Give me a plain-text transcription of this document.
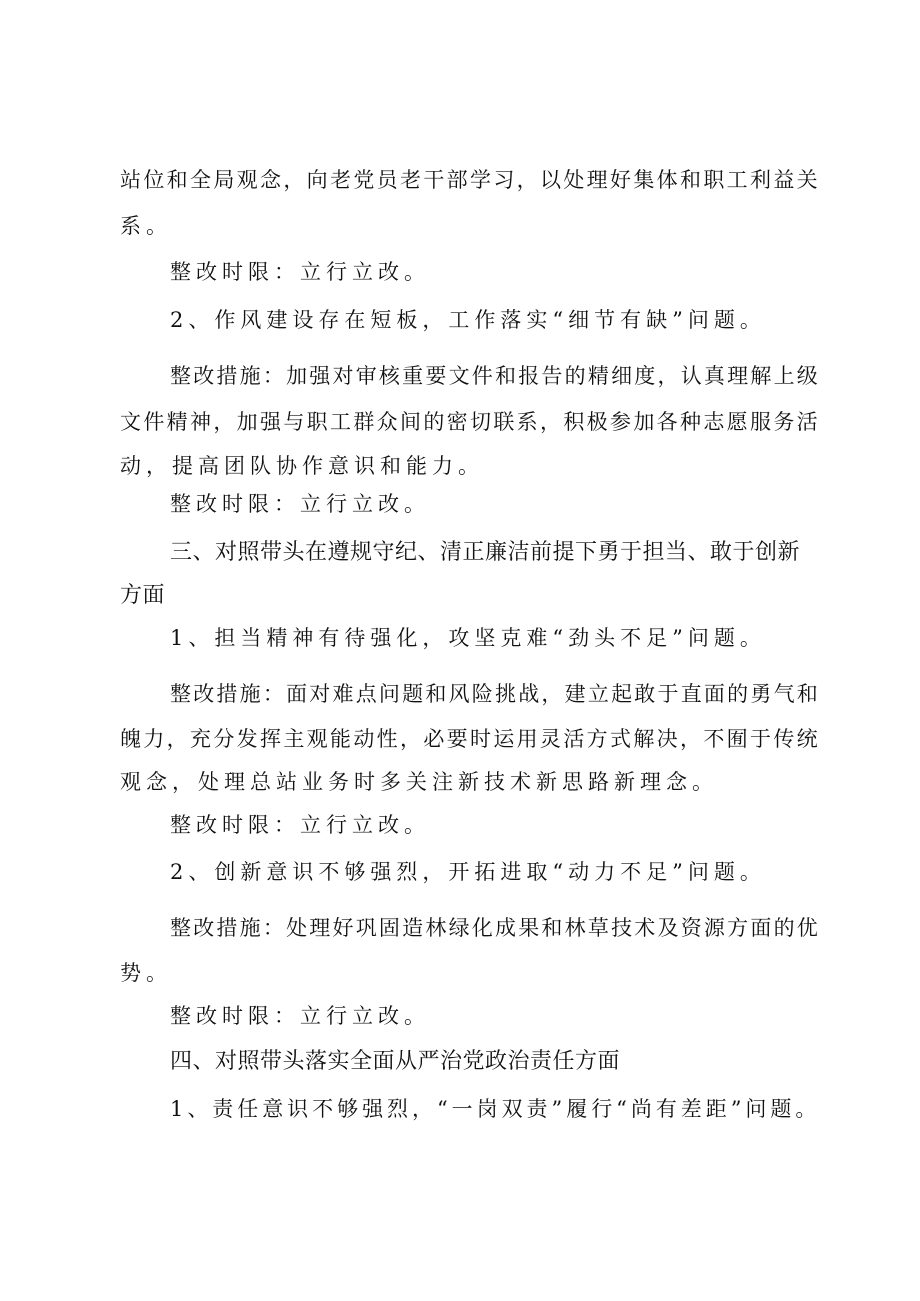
站位和全局观念，向老党员老干部学习，以处理好集体和职工利益关
系。
整改时限：立行立改。
2、作风建设存在短板，工作落实“细节有缺”问题。
整改措施：加强对审核重要文件和报告的精细度，认真理解上级
文件精神，加强与职工群众间的密切联系，积极参加各种志愿服务活
动，提高团队协作意识和能力。
整改时限：立行立改。
三、对照带头在遵规守纪、清正廉洁前提下勇于担当、敢于创新
方面
1、担当精神有待强化，攻坚克难“劲头不足”问题。
整改措施：面对难点问题和风险挑战，建立起敢于直面的勇气和
魄力，充分发挥主观能动性，必要时运用灵活方式解决，不囿于传统
观念，处理总站业务时多关注新技术新思路新理念。
整改时限：立行立改。
2、创新意识不够强烈，开拓进取“动力不足”问题。
整改措施：处理好巩固造林绿化成果和林草技术及资源方面的优
势。
整改时限：立行立改。
四、对照带头落实全面从严治党政治责任方面
1、责任意识不够强烈，“一岗双责”履行“尚有差距”问题。
